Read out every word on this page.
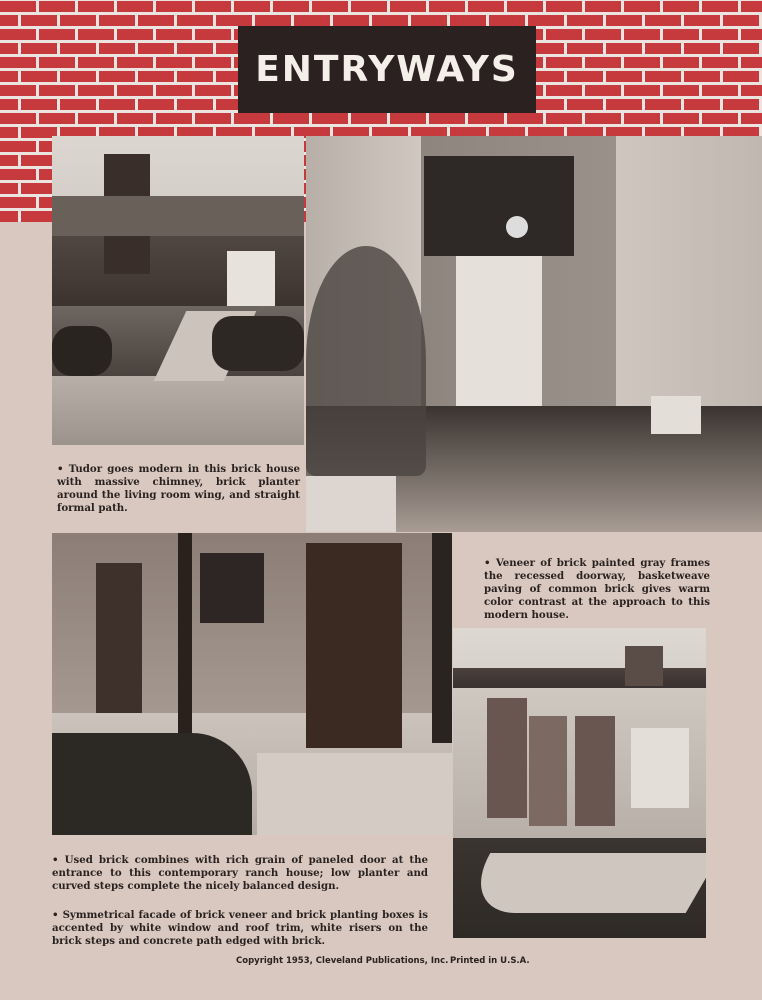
ENTRYWAYS
• Tudor goes modern in this brick house with massive chimney, brick planter around the living room wing, and straight formal path.
• Veneer of brick painted gray frames the recessed doorway, basketweave paving of common brick gives warm color contrast at the approach to this modern house.
• Used brick combines with rich grain of paneled door at the entrance to this contemporary ranch house; low planter and curved steps complete the nicely balanced design.
• Symmetrical facade of brick veneer and brick planting boxes is accented by white window and roof trim, white risers on the brick steps and concrete path edged with brick.
Copyright 1953, Cleveland Publications, Inc. Printed in U.S.A.
